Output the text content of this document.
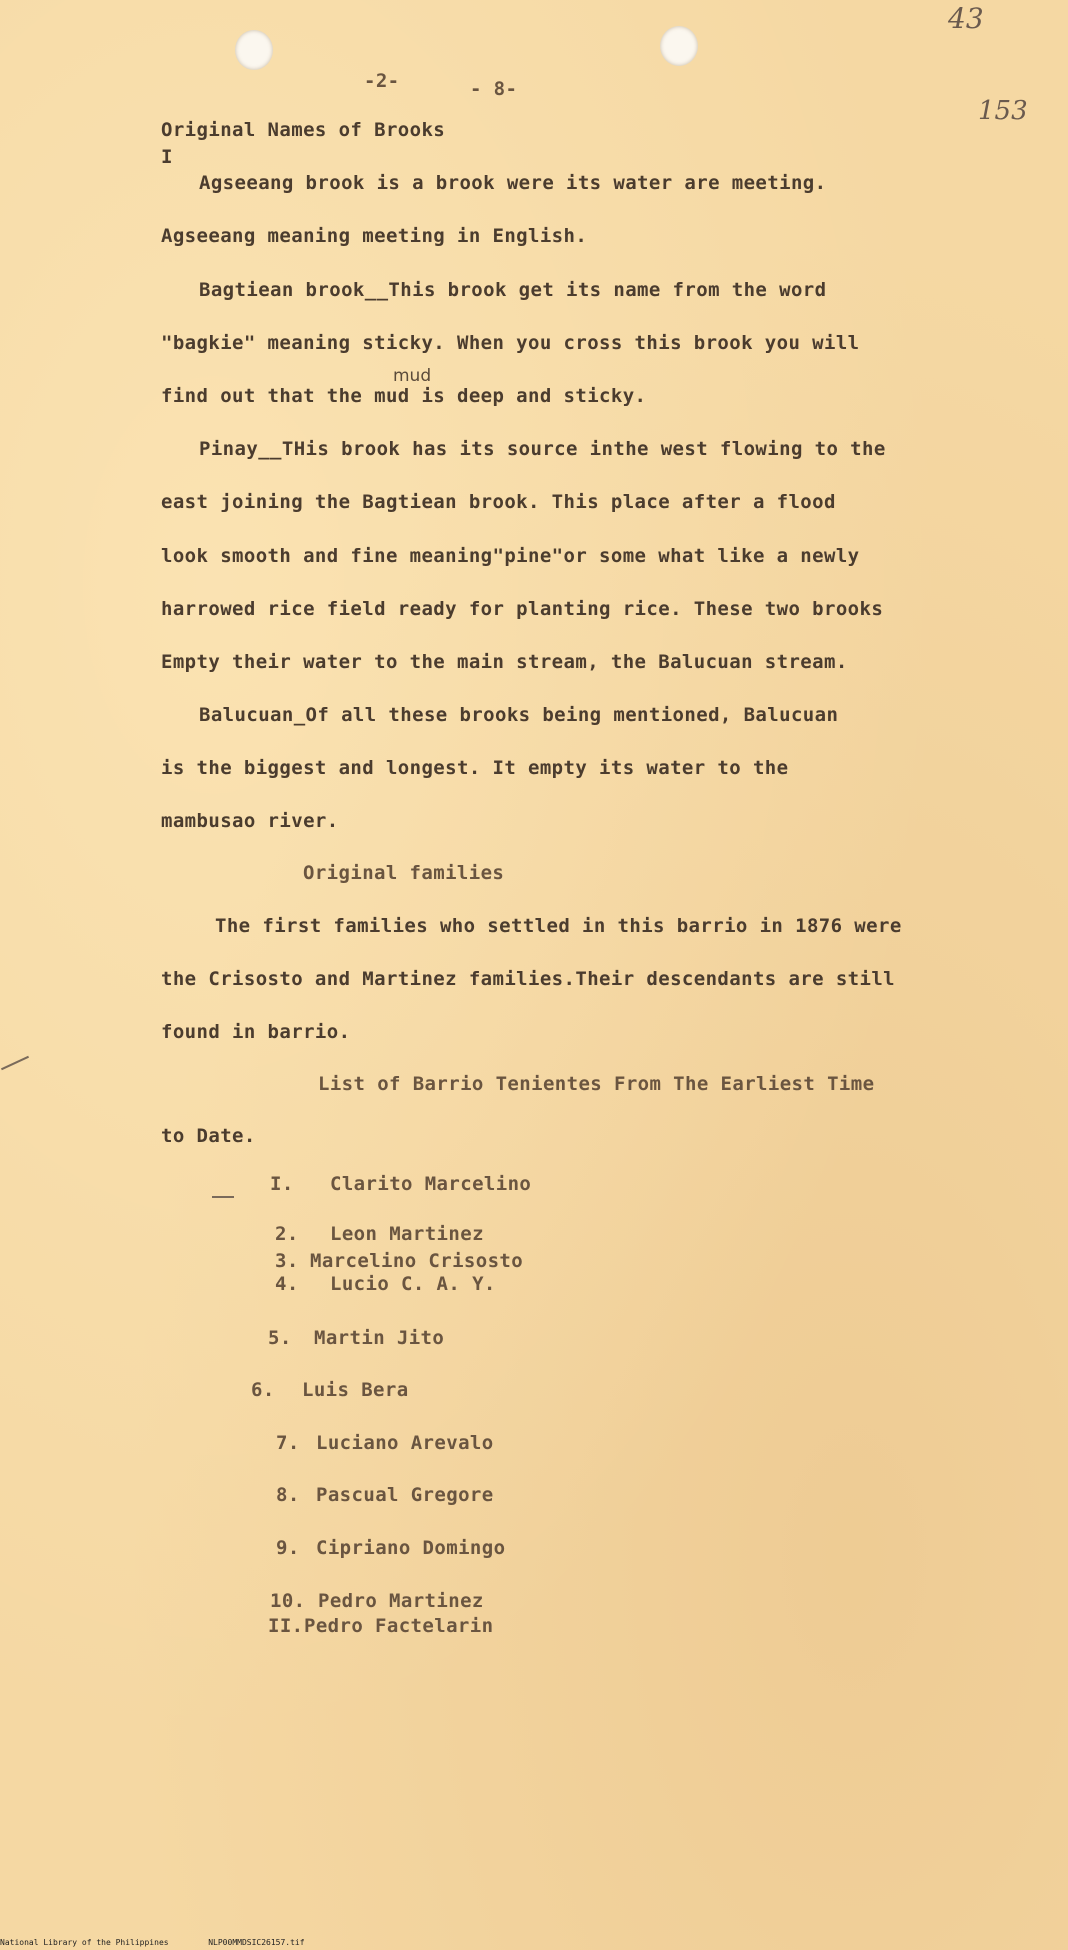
43
153
-2-	- 8-
Original Names of Brooks
I
Agseeang brook is a brook were its water are meeting.
Agseeang meaning meeting in English.
Bagtiean brook__This brook get its name from the word
"bagkie" meaning sticky. When you cross this brook you will
mud
find out that the mud is deep and sticky.
Pinay__THis brook has its source inthe west flowing to the
east joining the Bagtiean brook. This place after a flood
look smooth and fine meaning"pine"or some what like a newly
harrowed rice field ready for planting rice. These two brooks
Empty their water to the main stream, the Balucuan stream.
Balucuan_Of all these brooks being mentioned, Balucuan
is the biggest and longest. It empty its water to the
mambusao river.
Original families
The first families who settled in this barrio in 1876 were
the Crisosto and Martinez families.Their descendants are still
found in barrio.
List of Barrio Tenientes From The Earliest Time
to Date.
I. Clarito Marcelino
2. Leon Martinez
3. Marcelino Crisosto
4. Lucio C. A. Y.
5. Martin Jito
6. Luis Bera
7. Luciano Arevalo
8. Pascual Gregore
9. Cipriano Domingo
10. Pedro Martinez
II. Pedro Factelarin
National Library of the Philippines	NLP00MMDSIC26157.tif
